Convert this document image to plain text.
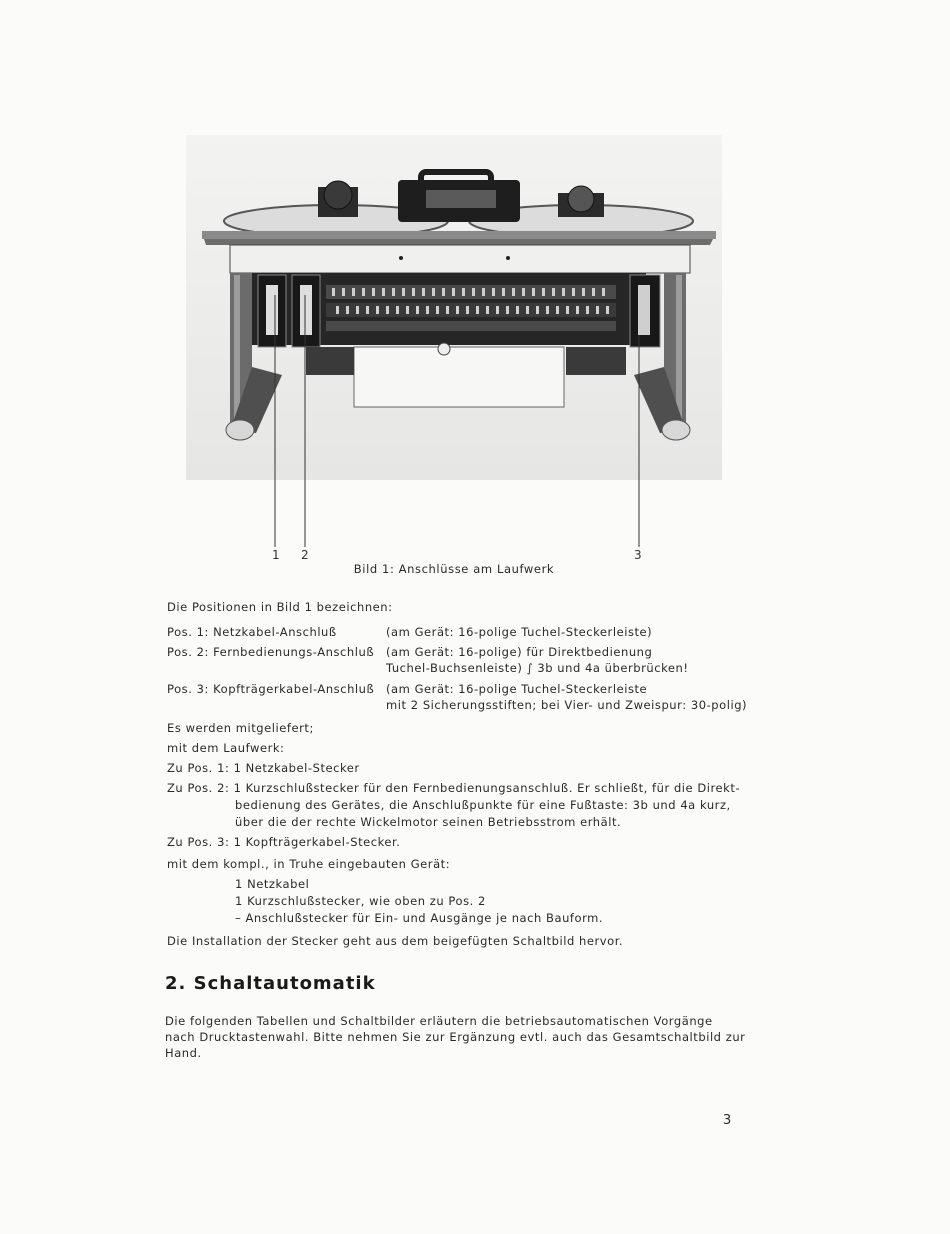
1 2	3
Bild 1: Anschlüsse am Laufwerk
Die Positionen in Bild 1 bezeichnen:
Pos. 1: Netzkabel-Anschluß	(am Gerät: 16-polige Tuchel-Steckerleiste)
Pos. 2: Fernbedienungs-Anschluß (am Gerät: 16-polige) für Direktbedienung
Tuchel-Buchsenleiste) ∫ 3b und 4a überbrücken!
Pos. 3: Kopfträgerkabel-Anschluß (am Gerät: 16-polige Tuchel-Steckerleiste
mit 2 Sicherungsstiften; bei Vier- und Zweispur: 30-polig)
Es werden mitgeliefert;
mit dem Laufwerk:
Zu Pos. 1: 1 Netzkabel-Stecker
Zu Pos. 2: 1 Kurzschlußstecker für den Fernbedienungsanschluß. Er schließt, für die Direkt-
bedienung des Gerätes, die Anschlußpunkte für eine Fußtaste: 3b und 4a kurz,
über die der rechte Wickelmotor seinen Betriebsstrom erhält.
Zu Pos. 3: 1 Kopfträgerkabel-Stecker.
mit dem kompl., in Truhe eingebauten Gerät:
1 Netzkabel
1 Kurzschlußstecker, wie oben zu Pos. 2
– Anschlußstecker für Ein- und Ausgänge je nach Bauform.
Die Installation der Stecker geht aus dem beigefügten Schaltbild hervor.
2. Schaltautomatik
Die folgenden Tabellen und Schaltbilder erläutern die betriebsautomatischen Vorgänge
nach Drucktastenwahl. Bitte nehmen Sie zur Ergänzung evtl. auch das Gesamtschaltbild zur
Hand.
3
